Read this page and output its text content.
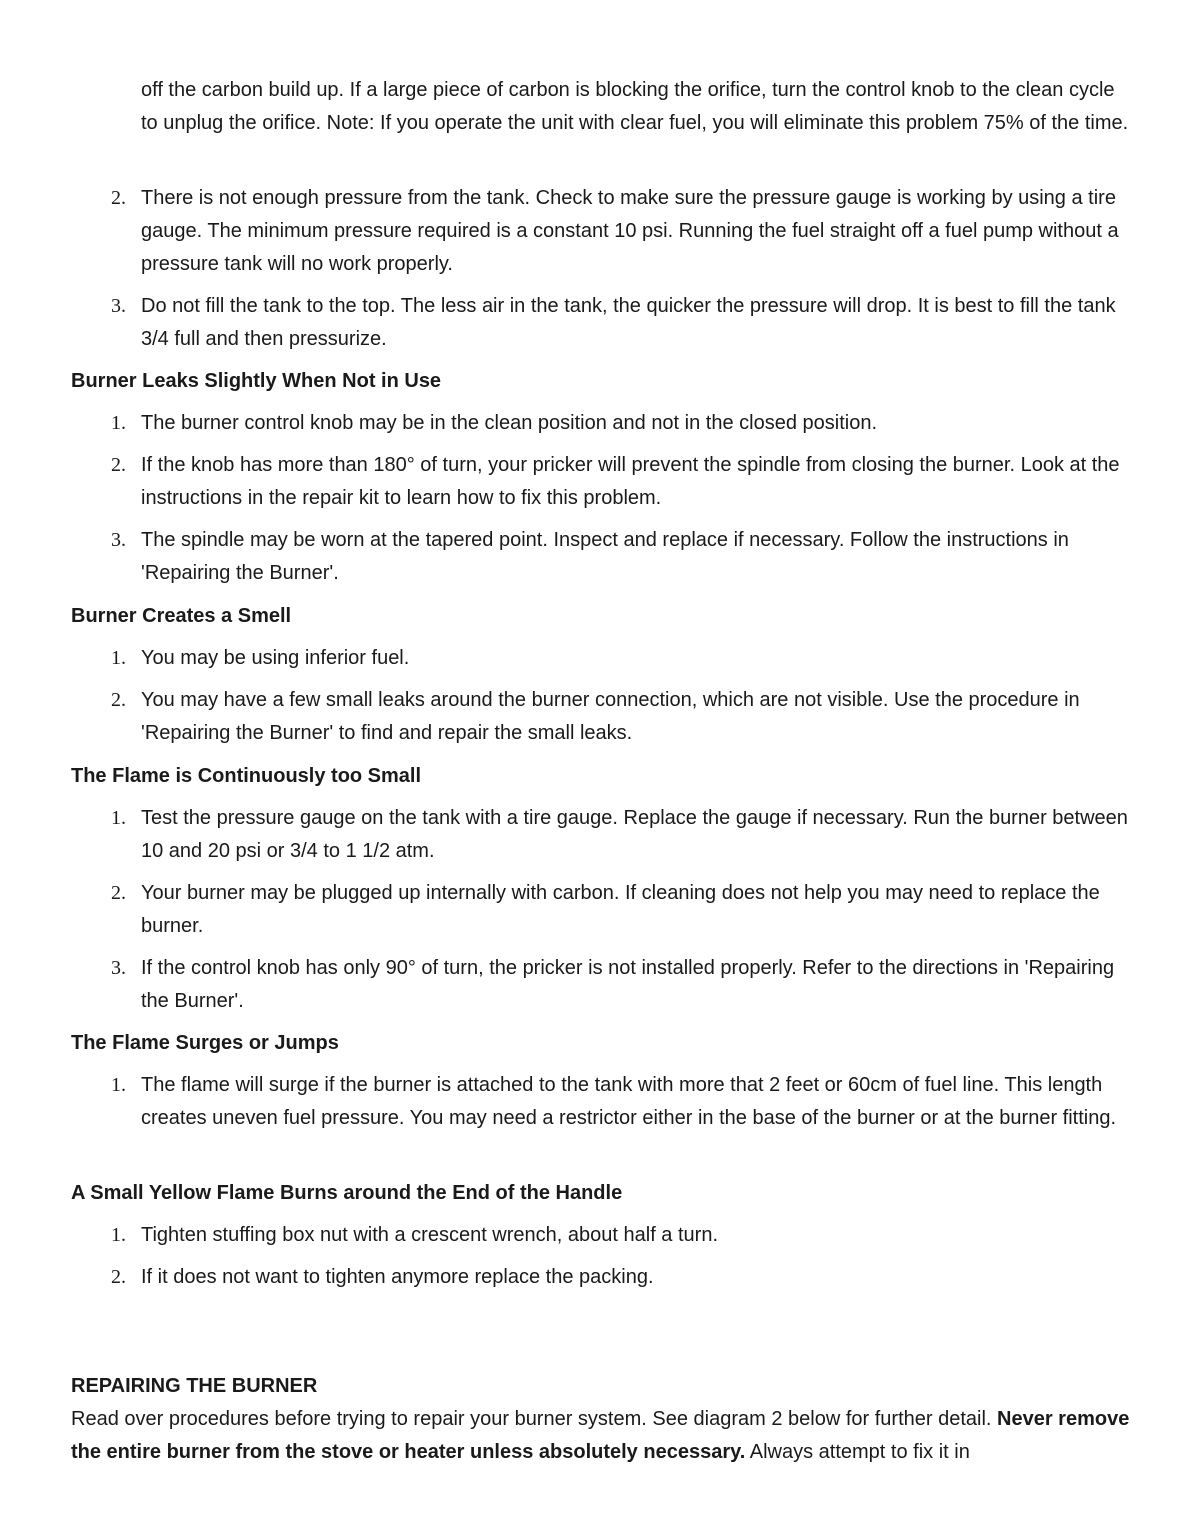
off the carbon build up. If a large piece of carbon is blocking the orifice, turn the control knob to the clean cycle to unplug the orifice. Note: If you operate the unit with clear fuel, you will eliminate this problem 75% of the time.
2. There is not enough pressure from the tank. Check to make sure the pressure gauge is working by using a tire gauge. The minimum pressure required is a constant 10 psi. Running the fuel straight off a fuel pump without a pressure tank will no work properly.
3. Do not fill the tank to the top. The less air in the tank, the quicker the pressure will drop. It is best to fill the tank 3/4 full and then pressurize.
Burner Leaks Slightly When Not in Use
1. The burner control knob may be in the clean position and not in the closed position.
2. If the knob has more than 180° of turn, your pricker will prevent the spindle from closing the burner. Look at the instructions in the repair kit to learn how to fix this problem.
3. The spindle may be worn at the tapered point. Inspect and replace if necessary. Follow the instructions in 'Repairing the Burner'.
Burner Creates a Smell
1. You may be using inferior fuel.
2. You may have a few small leaks around the burner connection, which are not visible. Use the procedure in 'Repairing the Burner' to find and repair the small leaks.
The Flame is Continuously too Small
1. Test the pressure gauge on the tank with a tire gauge. Replace the gauge if necessary. Run the burner between 10 and 20 psi or 3/4 to 1 1/2 atm.
2. Your burner may be plugged up internally with carbon. If cleaning does not help you may need to replace the burner.
3. If the control knob has only 90° of turn, the pricker is not installed properly. Refer to the directions in 'Repairing the Burner'.
The Flame Surges or Jumps
1. The flame will surge if the burner is attached to the tank with more that 2 feet or 60cm of fuel line. This length creates uneven fuel pressure. You may need a restrictor either in the base of the burner or at the burner fitting.
A Small Yellow Flame Burns around the End of the Handle
1. Tighten stuffing box nut with a crescent wrench, about half a turn.
2. If it does not want to tighten anymore replace the packing.
REPAIRING THE BURNER
Read over procedures before trying to repair your burner system. See diagram 2 below for further detail. Never remove the entire burner from the stove or heater unless absolutely necessary. Always attempt to fix it in
